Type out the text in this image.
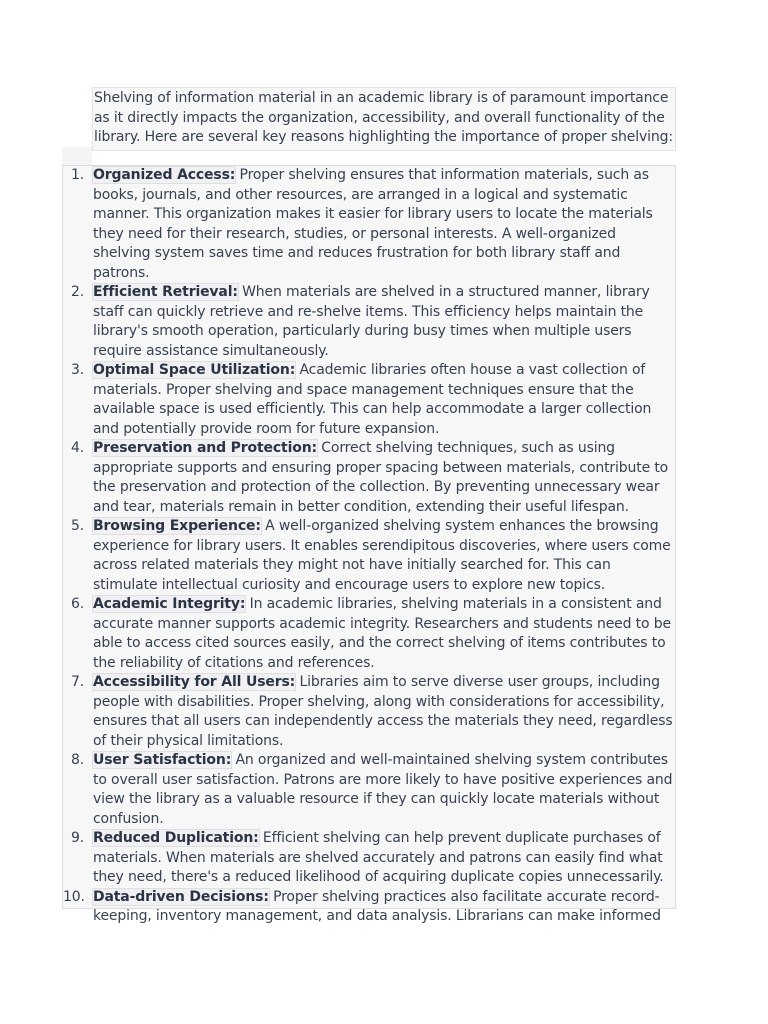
Shelving of information material in an academic library is of paramount importance as it directly impacts the organization, accessibility, and overall functionality of the library. Here are several key reasons highlighting the importance of proper shelving:
1. Organized Access: Proper shelving ensures that information materials, such as books, journals, and other resources, are arranged in a logical and systematic manner. This organization makes it easier for library users to locate the materials they need for their research, studies, or personal interests. A well-organized shelving system saves time and reduces frustration for both library staff and patrons.
2. Efficient Retrieval: When materials are shelved in a structured manner, library staff can quickly retrieve and re-shelve items. This efficiency helps maintain the library's smooth operation, particularly during busy times when multiple users require assistance simultaneously.
3. Optimal Space Utilization: Academic libraries often house a vast collection of materials. Proper shelving and space management techniques ensure that the available space is used efficiently. This can help accommodate a larger collection and potentially provide room for future expansion.
4. Preservation and Protection: Correct shelving techniques, such as using appropriate supports and ensuring proper spacing between materials, contribute to the preservation and protection of the collection. By preventing unnecessary wear and tear, materials remain in better condition, extending their useful lifespan.
5. Browsing Experience: A well-organized shelving system enhances the browsing experience for library users. It enables serendipitous discoveries, where users come across related materials they might not have initially searched for. This can stimulate intellectual curiosity and encourage users to explore new topics.
6. Academic Integrity: In academic libraries, shelving materials in a consistent and accurate manner supports academic integrity. Researchers and students need to be able to access cited sources easily, and the correct shelving of items contributes to the reliability of citations and references.
7. Accessibility for All Users: Libraries aim to serve diverse user groups, including people with disabilities. Proper shelving, along with considerations for accessibility, ensures that all users can independently access the materials they need, regardless of their physical limitations.
8. User Satisfaction: An organized and well-maintained shelving system contributes to overall user satisfaction. Patrons are more likely to have positive experiences and view the library as a valuable resource if they can quickly locate materials without confusion.
9. Reduced Duplication: Efficient shelving can help prevent duplicate purchases of materials. When materials are shelved accurately and patrons can easily find what they need, there's a reduced likelihood of acquiring duplicate copies unnecessarily.
10. Data-driven Decisions: Proper shelving practices also facilitate accurate record-keeping, inventory management, and data analysis. Librarians can make informed
